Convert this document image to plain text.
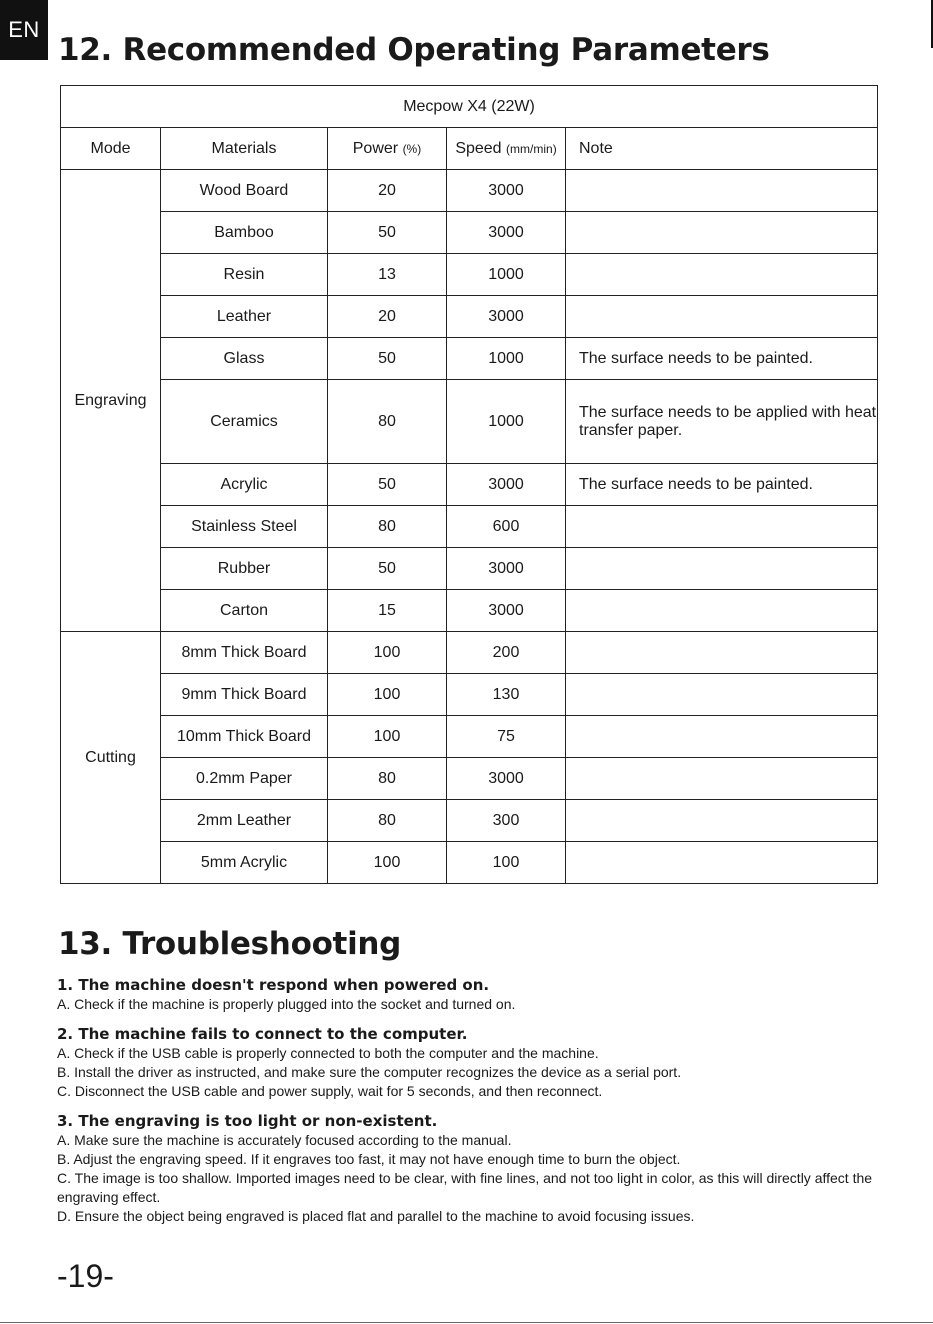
EN
12. Recommended Operating Parameters
Mecpow X4 (22W)				
Mode	Materials	Power (%)	Speed (mm/min)	Note
Engraving	Wood Board	20	3000	
	Bamboo	50	3000	
	Resin	13	1000	
	Leather	20	3000	
	Glass	50	1000	The surface needs to be painted.
	Ceramics	80	1000	The surface needs to be applied with heat transfer paper.
	Acrylic	50	3000	The surface needs to be painted.
	Stainless Steel	80	600	
	Rubber	50	3000	
	Carton	15	3000	
Cutting	8mm Thick Board	100	200	
	9mm Thick Board	100	130	
	10mm Thick Board	100	75	
	0.2mm Paper	80	3000	
	2mm Leather	80	300	
	5mm Acrylic	100	100	
13. Troubleshooting

1. The machine doesn't respond when powered on.

A. Check if the machine is properly plugged into the socket and turned on.

2. The machine fails to connect to the computer.

A. Check if the USB cable is properly connected to both the computer and the machine.

B. Install the driver as instructed, and make sure the computer recognizes the device as a serial port.

C. Disconnect the USB cable and power supply, wait for 5 seconds, and then reconnect.

3. The engraving is too light or non-existent.

A. Make sure the machine is accurately focused according to the manual.

B. Adjust the engraving speed. If it engraves too fast, it may not have enough time to burn the object.

C. The image is too shallow. Imported images need to be clear, with fine lines, and not too light in color, as this will directly affect the engraving effect.

D. Ensure the object being engraved is placed flat and parallel to the machine to avoid focusing issues.

-19-
